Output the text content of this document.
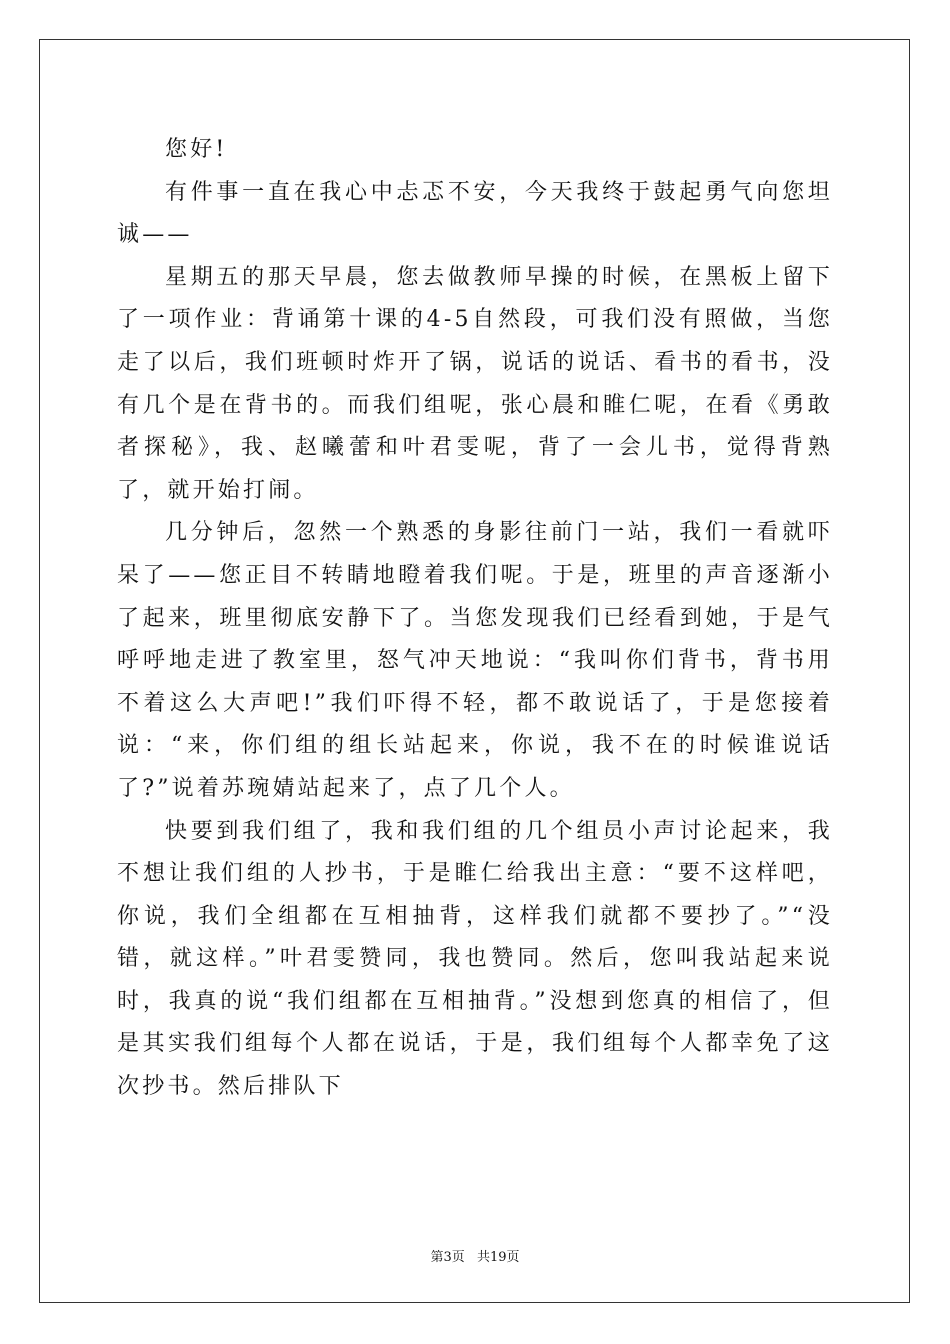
您好!

有件事一直在我心中忐忑不安，今天我终于鼓起勇气向您坦诚——

星期五的那天早晨，您去做教师早操的时候，在黑板上留下了一项作业：背诵第十课的4-5自然段，可我们没有照做，当您走了以后，我们班顿时炸开了锅，说话的说话、看书的看书，没有几个是在背书的。而我们组呢，张心晨和睢仁呢，在看《勇敢者探秘》，我、赵曦蕾和叶君雯呢，背了一会儿书，觉得背熟了，就开始打闹。

几分钟后，忽然一个熟悉的身影往前门一站，我们一看就吓呆了——您正目不转睛地瞪着我们呢。于是，班里的声音逐渐小了起来，班里彻底安静下了。当您发现我们已经看到她，于是气呼呼地走进了教室里，怒气冲天地说：“我叫你们背书，背书用不着这么大声吧!”我们吓得不轻，都不敢说话了，于是您接着说：“来，你们组的组长站起来，你说，我不在的时候谁说话了?”说着苏琬婧站起来了，点了几个人。

快要到我们组了，我和我们组的几个组员小声讨论起来，我不想让我们组的人抄书，于是睢仁给我出主意：“要不这样吧，你说，我们全组都在互相抽背，这样我们就都不要抄了。”“没错，就这样。”叶君雯赞同，我也赞同。然后，您叫我站起来说时，我真的说“我们组都在互相抽背。”没想到您真的相信了，但是其实我们组每个人都在说话，于是，我们组每个人都幸免了这次抄书。然后排队下

第3页 共19页
